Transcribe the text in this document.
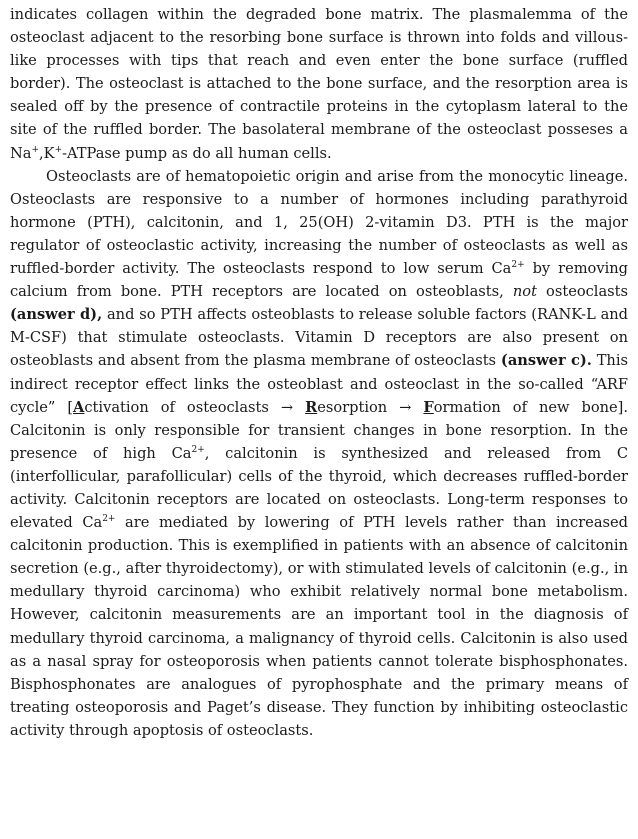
indicates collagen within the degraded bone matrix. The plasmalemma of the osteoclast adjacent to the resorbing bone surface is thrown into folds and villous-like processes with tips that reach and even enter the bone surface (ruffled border). The osteoclast is attached to the bone surface, and the resorption area is sealed off by the presence of contractile proteins in the cytoplasm lateral to the site of the ruffled border. The basolateral membrane of the osteoclast posseses a Na+,K+-ATPase pump as do all human cells.

Osteoclasts are of hematopoietic origin and arise from the monocytic lineage. Osteoclasts are responsive to a number of hormones including parathyroid hormone (PTH), calcitonin, and 1, 25(OH) 2-vitamin D3. PTH is the major regulator of osteoclastic activity, increasing the number of osteoclasts as well as ruffled-border activity. The osteoclasts respond to low serum $Ca^{2+}$ by removing calcium from bone. PTH receptors are located on osteoblasts, not osteoclasts (answer d), and so PTH affects osteoblasts to release soluble factors (RANK-L and M-CSF) that stimulate osteoclasts. Vitamin D receptors are also present on osteoblasts and absent from the plasma membrane of osteoclasts (answer c). This indirect receptor effect links the osteoblast and osteoclast in the so-called “ARF cycle” [Activation of osteoclasts → Resorption → Formation of new bone]. Calcitonin is only responsible for transient changes in bone resorption. In the presence of high $Ca^{2+}$, calcitonin is synthesized and released from C (interfollicular, parafollicular) cells of the thyroid, which decreases ruffled-border activity. Calcitonin receptors are located on osteoclasts. Long-term responses to elevated $Ca^{2+}$ are mediated by lowering of PTH levels rather than increased calcitonin production. This is exemplified in patients with an absence of calcitonin secretion (e.g., after thyroidectomy), or with stimulated levels of calcitonin (e.g., in medullary thyroid carcinoma) who exhibit relatively normal bone metabolism. However, calcitonin measurements are an important tool in the diagnosis of medullary thyroid carcinoma, a malignancy of thyroid cells. Calcitonin is also used as a nasal spray for osteoporosis when patients cannot tolerate bisphosphonates. Bisphosphonates are analogues of pyrophosphate and the primary means of treating osteoporosis and Paget’s disease. They function by inhibiting osteoclastic activity through apoptosis of osteoclasts.
